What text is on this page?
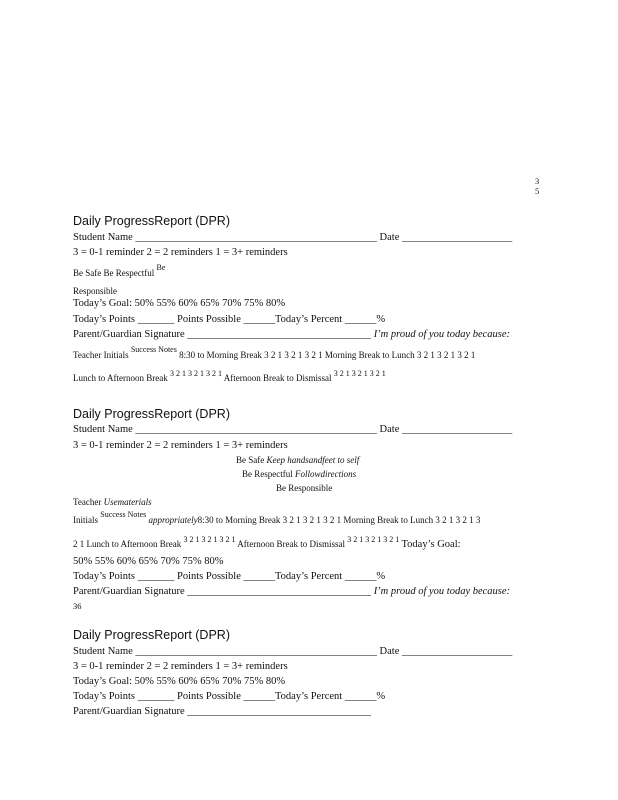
3
5
Daily ProgressReport (DPR)
Student Name ______________________________________________ Date _____________________
3 = 0-1 reminder 2 = 2 reminders 1 = 3+ reminders
Be Safe Be Respectful Be
Responsible
Today’s Goal: 50% 55% 60% 65% 70% 75% 80%
Today’s Points _______ Points Possible ______Today’s Percent ______%
Parent/Guardian Signature ___________________________________ I’m proud of you today because:
Teacher Initials Success Notes 8:30 to Morning Break 3 2 1 3 2 1 3 2 1 Morning Break to Lunch 3 2 1 3 2 1 3 2 1
Lunch to Afternoon Break 3 2 1 3 2 1 3 2 1 Afternoon Break to Dismissal 3 2 1 3 2 1 3 2 1
Daily ProgressReport (DPR)
Student Name ______________________________________________ Date _____________________
3 = 0-1 reminder 2 = 2 reminders 1 = 3+ reminders
Be Safe Keep handsandfeet to self
Be Respectful Followdirections
Be Responsible
Teacher Usematerials
Initials Success Notes appropriately8:30 to Morning Break 3 2 1 3 2 1 3 2 1 Morning Break to Lunch 3 2 1 3 2 1 3
2 1 Lunch to Afternoon Break 3 2 1 3 2 1 3 2 1 Afternoon Break to Dismissal 3 2 1 3 2 1 3 2 1 Today’s Goal:
50% 55% 60% 65% 70% 75% 80%
Today’s Points _______ Points Possible ______Today’s Percent ______%
Parent/Guardian Signature ___________________________________ I’m proud of you today because:
36
Daily ProgressReport (DPR)
Student Name ______________________________________________ Date _____________________
3 = 0-1 reminder 2 = 2 reminders 1 = 3+ reminders
Today’s Goal: 50% 55% 60% 65% 70% 75% 80%
Today’s Points _______ Points Possible ______Today’s Percent ______%
Parent/Guardian Signature ___________________________________
